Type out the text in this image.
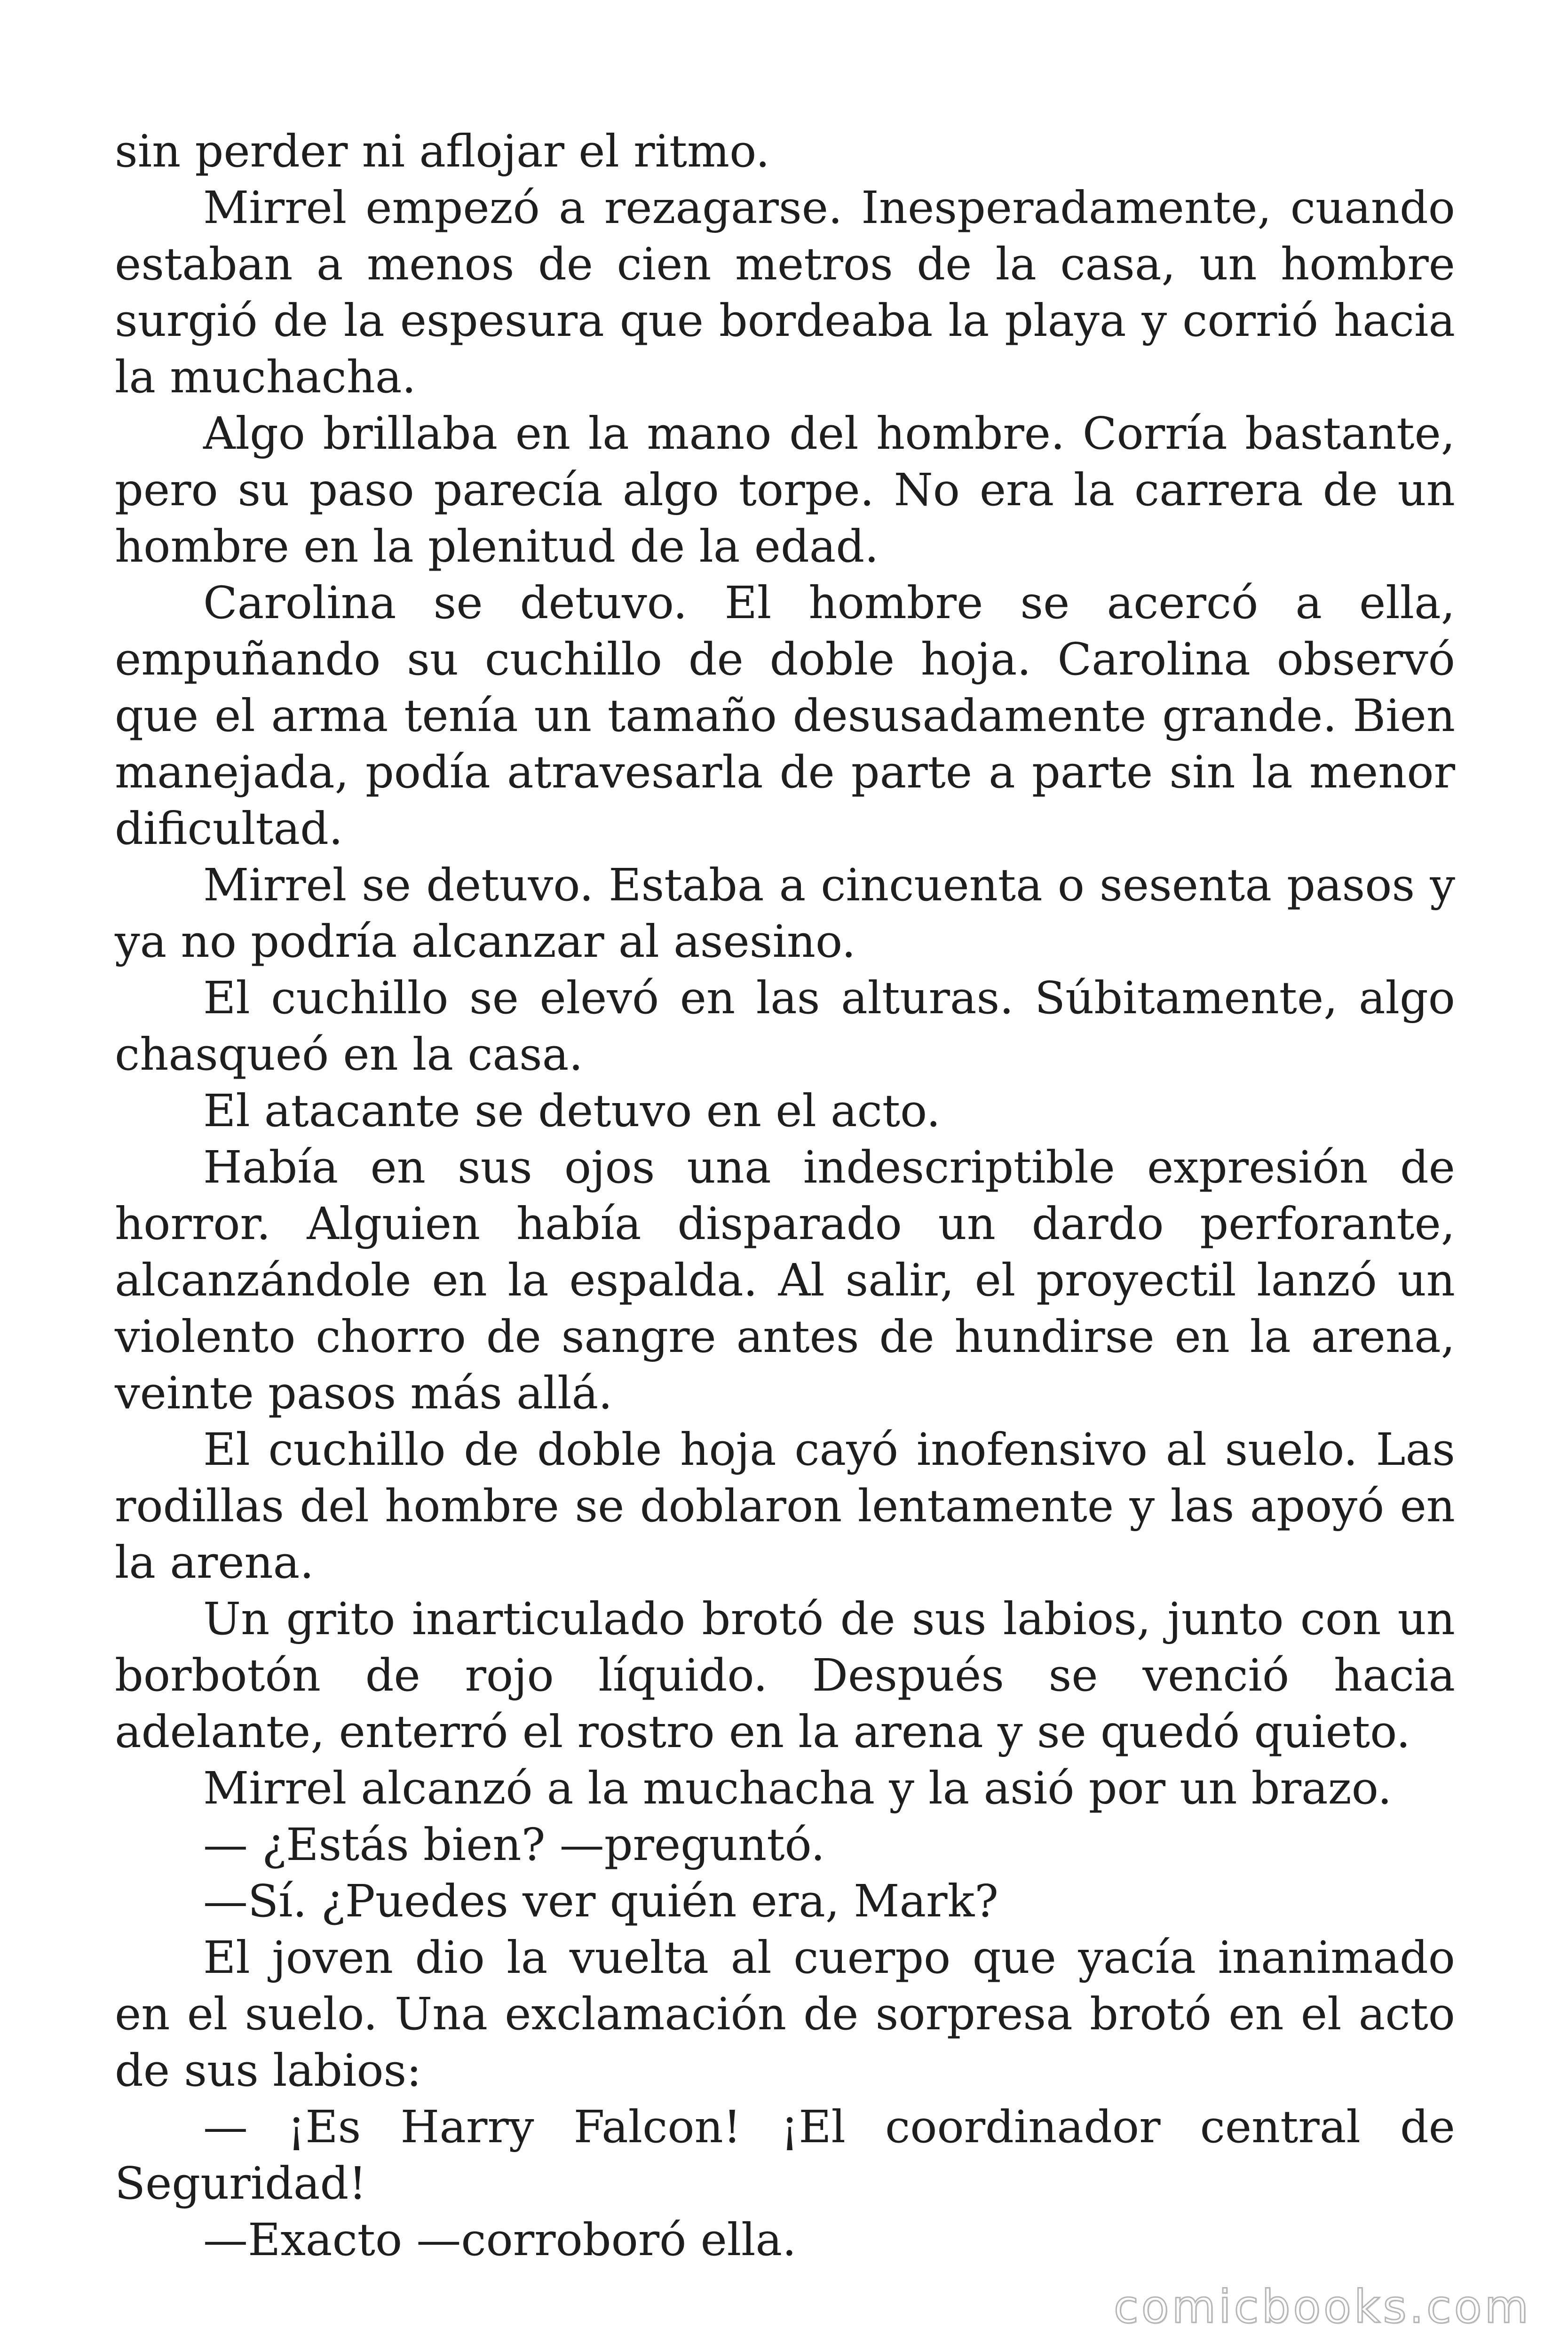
sin perder ni aflojar el ritmo.

Mirrel empezó a rezagarse. Inesperadamente, cuando estaban a menos de cien metros de la casa, un hombre surgió de la espesura que bordeaba la playa y corrió hacia la muchacha.

Algo brillaba en la mano del hombre. Corría bastante, pero su paso parecía algo torpe. No era la carrera de un hombre en la plenitud de la edad.

Carolina se detuvo. El hombre se acercó a ella, empuñando su cuchillo de doble hoja. Carolina observó que el arma tenía un tamaño desusadamente grande. Bien manejada, podía atravesarla de parte a parte sin la menor dificultad.

Mirrel se detuvo. Estaba a cincuenta o sesenta pasos y ya no podría alcanzar al asesino.

El cuchillo se elevó en las alturas. Súbitamente, algo chasqueó en la casa.

El atacante se detuvo en el acto.

Había en sus ojos una indescriptible expresión de horror. Alguien había disparado un dardo perforante, alcanzándole en la espalda. Al salir, el proyectil lanzó un violento chorro de sangre antes de hundirse en la arena, veinte pasos más allá.

El cuchillo de doble hoja cayó inofensivo al suelo. Las rodillas del hombre se doblaron lentamente y las apoyó en la arena.

Un grito inarticulado brotó de sus labios, junto con un borbotón de rojo líquido. Después se venció hacia adelante, enterró el rostro en la arena y se quedó quieto.

Mirrel alcanzó a la muchacha y la asió por un brazo.

— ¿Estás bien? —preguntó.

—Sí. ¿Puedes ver quién era, Mark?

El joven dio la vuelta al cuerpo que yacía inanimado en el suelo. Una exclamación de sorpresa brotó en el acto de sus labios:

— ¡Es Harry Falcon! ¡El coordinador central de Seguridad!

—Exacto —corroboró ella.

comicbooks.com
